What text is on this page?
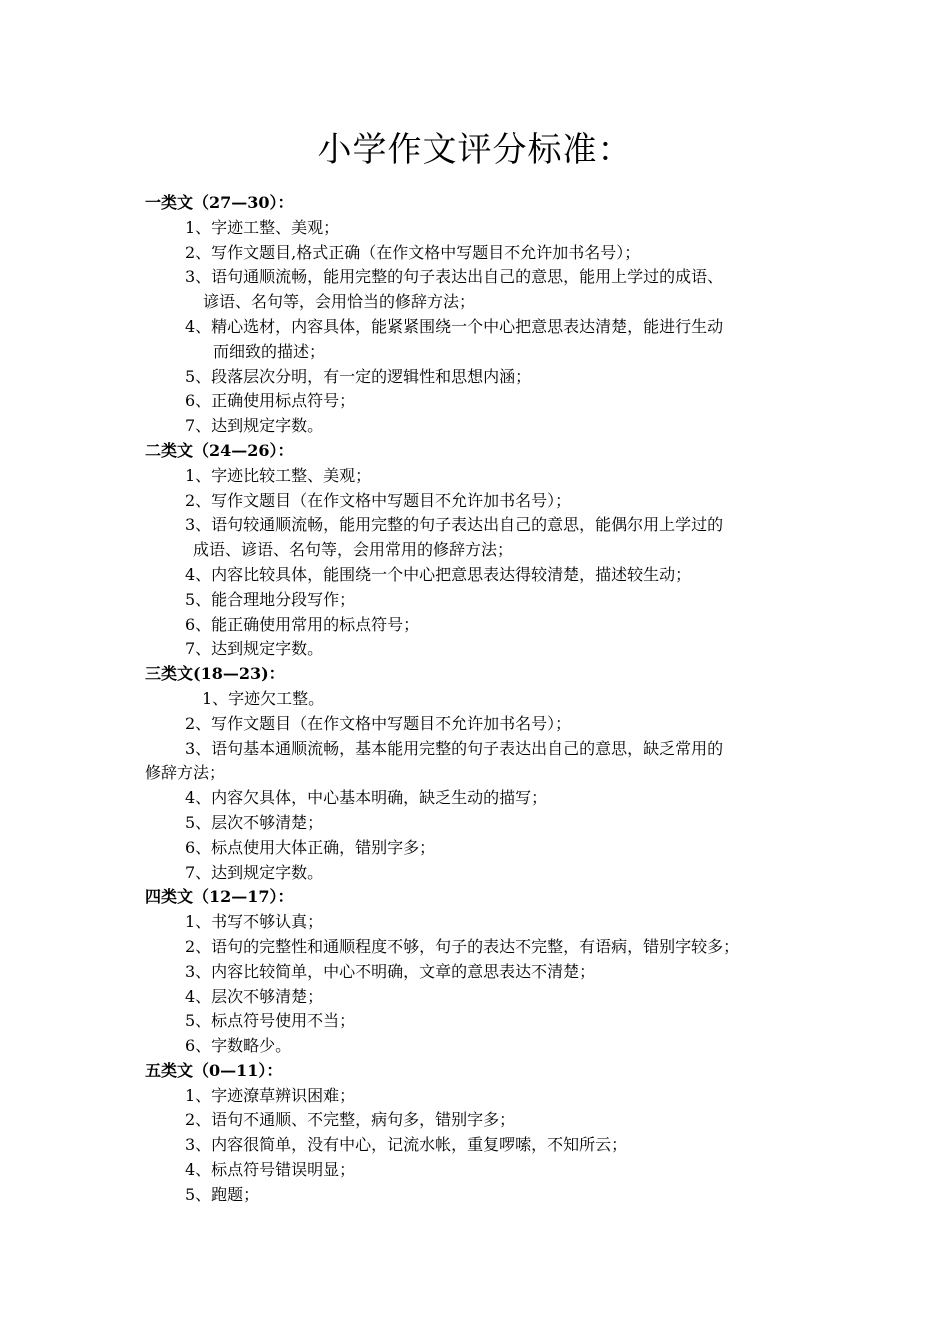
小学作文评分标准：
一类文（27—30）：
1、字迹工整、美观；
2、写作文题目,格式正确（在作文格中写题目不允许加书名号）；
3、语句通顺流畅，能用完整的句子表达出自己的意思，能用上学过的成语、
谚语、名句等，会用恰当的修辞方法；
4、精心选材，内容具体，能紧紧围绕一个中心把意思表达清楚，能进行生动
而细致的描述；
5、段落层次分明，有一定的逻辑性和思想内涵；
6、正确使用标点符号；
7、达到规定字数。
二类文（24—26）：
1、字迹比较工整、美观；
2、写作文题目（在作文格中写题目不允许加书名号）；
3、语句较通顺流畅，能用完整的句子表达出自己的意思，能偶尔用上学过的
成语、谚语、名句等，会用常用的修辞方法；
4、内容比较具体，能围绕一个中心把意思表达得较清楚，描述较生动；
5、能合理地分段写作；
6、能正确使用常用的标点符号；
7、达到规定字数。
三类文(18—23)：
1、字迹欠工整。
2、写作文题目（在作文格中写题目不允许加书名号）；
3、语句基本通顺流畅，基本能用完整的句子表达出自己的意思，缺乏常用的
修辞方法；
4、内容欠具体，中心基本明确，缺乏生动的描写；
5、层次不够清楚；
6、标点使用大体正确，错别字多；
7、达到规定字数。
四类文（12—17）：
1、书写不够认真；
2、语句的完整性和通顺程度不够，句子的表达不完整，有语病，错别字较多；
3、内容比较简单，中心不明确，文章的意思表达不清楚；
4、层次不够清楚；
5、标点符号使用不当；
6、字数略少。
五类文（0—11）：
1、字迹潦草辨识困难；
2、语句不通顺、不完整，病句多，错别字多；
3、内容很简单，没有中心，记流水帐，重复啰嗦，不知所云；
4、标点符号错误明显；
5、跑题；
